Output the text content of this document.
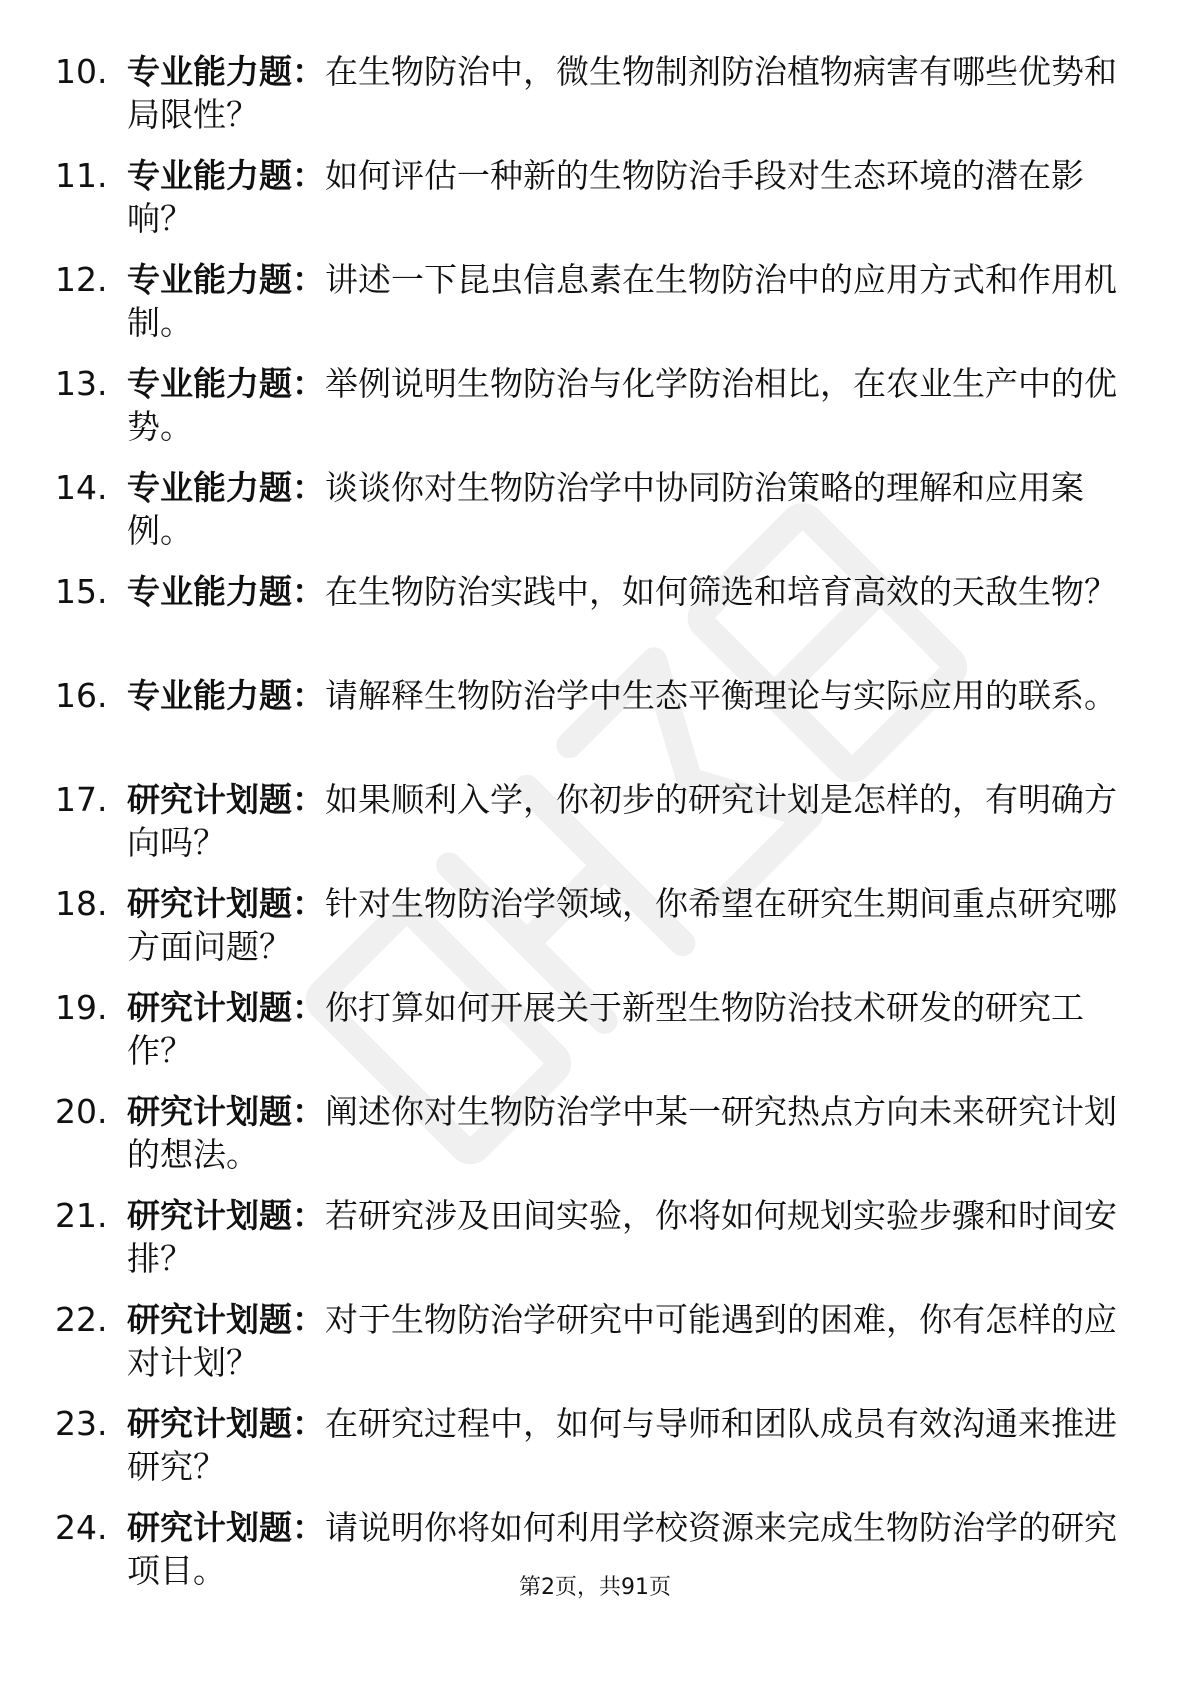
10. 专业能力题：在生物防治中，微生物制剂防治植物病害有哪些优势和局限性？
11. 专业能力题：如何评估一种新的生物防治手段对生态环境的潜在影响？
12. 专业能力题：讲述一下昆虫信息素在生物防治中的应用方式和作用机制。
13. 专业能力题：举例说明生物防治与化学防治相比，在农业生产中的优势。
14. 专业能力题：谈谈你对生物防治学中协同防治策略的理解和应用案例。
15. 专业能力题：在生物防治实践中，如何筛选和培育高效的天敌生物？
16. 专业能力题：请解释生物防治学中生态平衡理论与实际应用的联系。
17. 研究计划题：如果顺利入学，你初步的研究计划是怎样的，有明确方向吗？
18. 研究计划题：针对生物防治学领域，你希望在研究生期间重点研究哪方面问题？
19. 研究计划题：你打算如何开展关于新型生物防治技术研发的研究工作？
20. 研究计划题：阐述你对生物防治学中某一研究热点方向未来研究计划的想法。
21. 研究计划题：若研究涉及田间实验，你将如何规划实验步骤和时间安排？
22. 研究计划题：对于生物防治学研究中可能遇到的困难，你有怎样的应对计划？
23. 研究计划题：在研究过程中，如何与导师和团队成员有效沟通来推进研究？
24. 研究计划题：请说明你将如何利用学校资源来完成生物防治学的研究项目。	第2页，共91页
